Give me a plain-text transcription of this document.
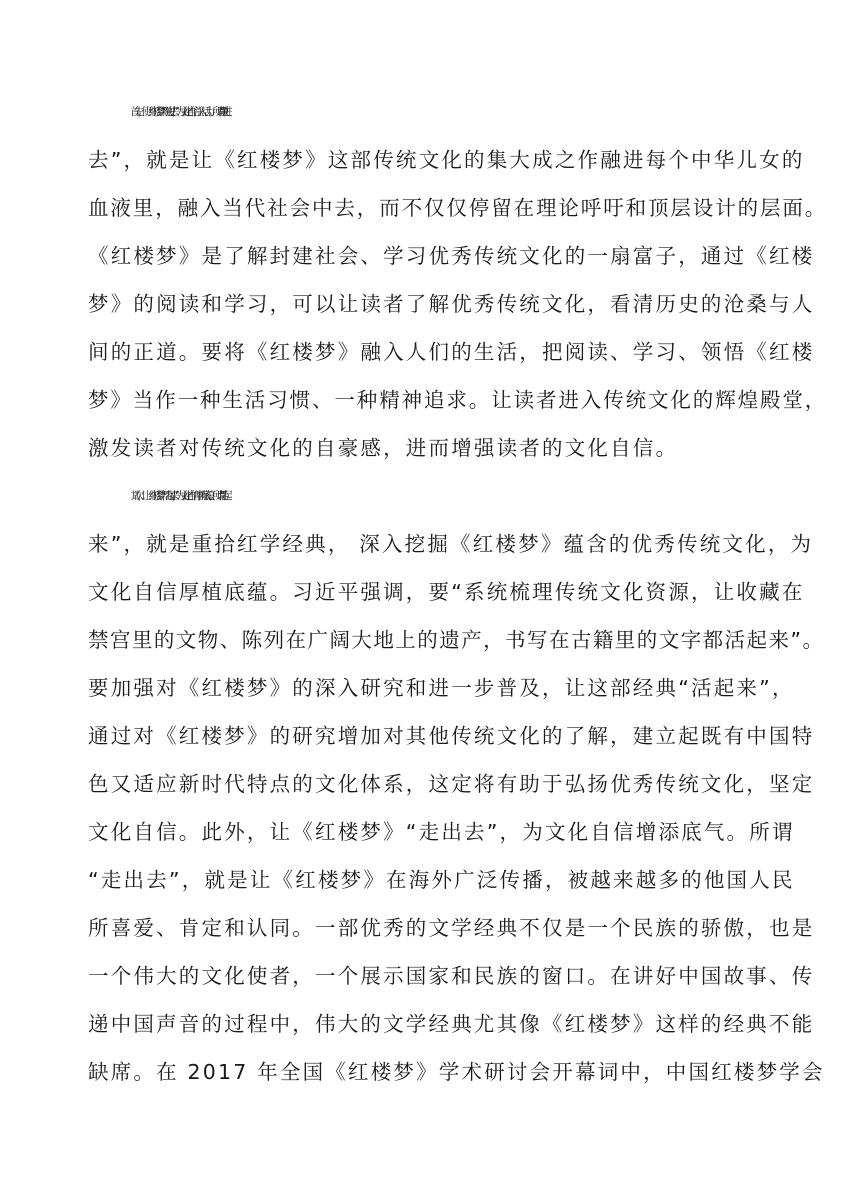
首先，使《红楼梦》“融进去”，为文化自信注入活力。所谓“融进
去”，就是让《红楼梦》这部传统文化的集大成之作融进每个中华儿女的
血液里，融入当代社会中去，而不仅仅停留在理论呼吁和顶层设计的层面。
《红楼梦》是了解封建社会、学习优秀传统文化的一扇富子，通过《红楼
梦》的阅读和学习，可以让读者了解优秀传统文化，看清历史的沧桑与人
间的正道。要将《红楼梦》融入人们的生活，把阅读、学习、领悟《红楼
梦》当作一种生活习惯、一种精神追求。让读者进入传统文化的辉煌殿堂，
激发读者对传统文化的自豪感，进而增强读者的文化自信。
其次，让《红楼梦》“活起来”，为文化自信厚植底蕴。所谓“活起
来”，就是重拾红学经典， 深入挖掘《红楼梦》蕴含的优秀传统文化，为
文化自信厚植底蕴。习近平强调，要“系统梳理传统文化资源，让收藏在
禁宫里的文物、陈列在广阔大地上的遗产，书写在古籍里的文字都活起来”。
要加强对《红楼梦》的深入研究和进一步普及，让这部经典“活起来”，
通过对《红楼梦》的研究增加对其他传统文化的了解，建立起既有中国特
色又适应新时代特点的文化体系，这定将有助于弘扬优秀传统文化，坚定
文化自信。此外，让《红楼梦》“走出去”，为文化自信增添底气。所谓
“走出去”，就是让《红楼梦》在海外广泛传播，被越来越多的他国人民
所喜爱、肯定和认同。一部优秀的文学经典不仅是一个民族的骄傲，也是
一个伟大的文化使者，一个展示国家和民族的窗口。在讲好中国故事、传
递中国声音的过程中，伟大的文学经典尤其像《红楼梦》这样的经典不能
缺席。在 2017 年全国《红楼梦》学术研讨会开幕词中，中国红楼梦学会
